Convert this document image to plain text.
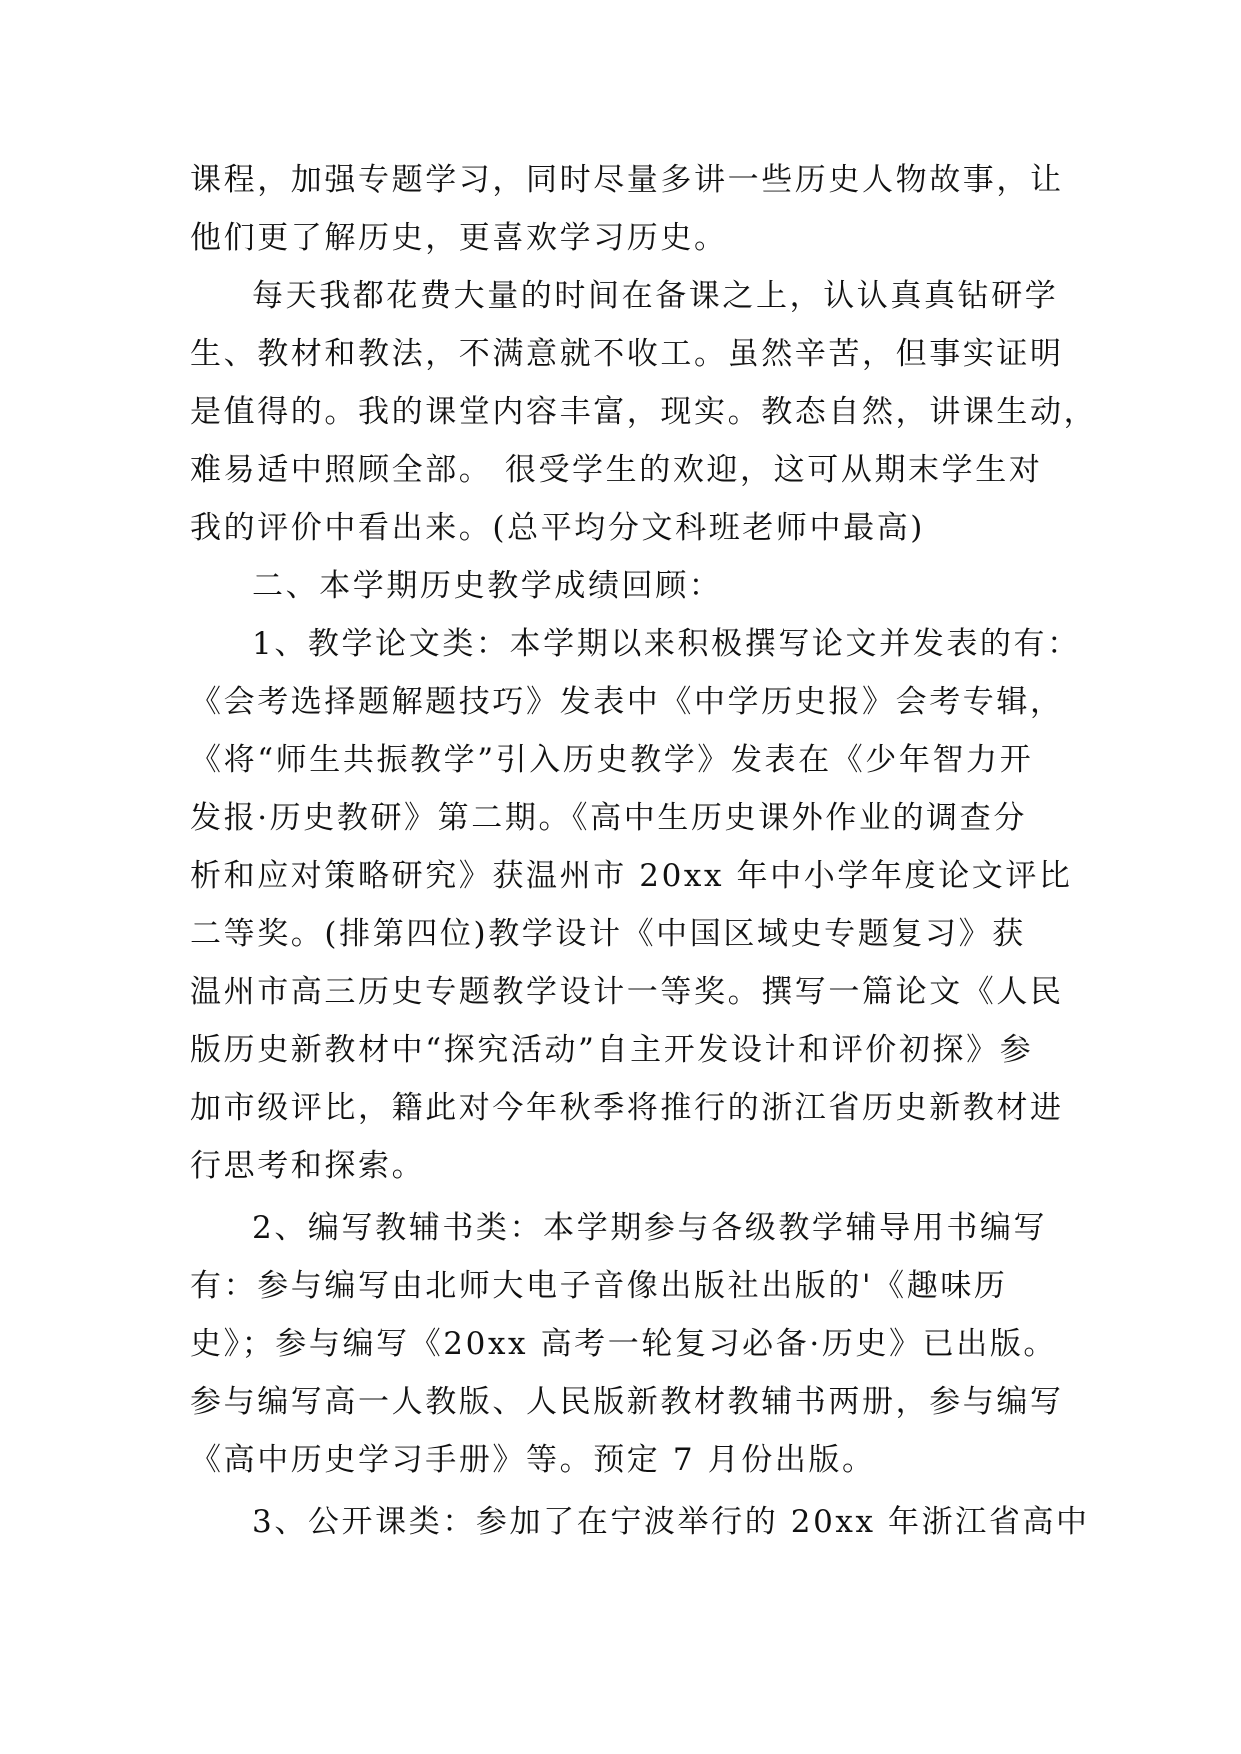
课程，加强专题学习，同时尽量多讲一些历史人物故事，让
他们更了解历史，更喜欢学习历史。
每天我都花费大量的时间在备课之上，认认真真钻研学
生、教材和教法，不满意就不收工。虽然辛苦，但事实证明
是值得的。我的课堂内容丰富，现实。教态自然，讲课生动，
难易适中照顾全部。 很受学生的欢迎，这可从期末学生对
我的评价中看出来。(总平均分文科班老师中最高)
二、本学期历史教学成绩回顾：
1、教学论文类：本学期以来积极撰写论文并发表的有：
《会考选择题解题技巧》发表中《中学历史报》会考专辑，
《将“师生共振教学”引入历史教学》发表在《少年智力开
发报·历史教研》第二期。《高中生历史课外作业的调查分
析和应对策略研究》获温州市 20xx 年中小学年度论文评比
二等奖。(排第四位)教学设计《中国区域史专题复习》获
温州市高三历史专题教学设计一等奖。撰写一篇论文《人民
版历史新教材中“探究活动”自主开发设计和评价初探》参
加市级评比，籍此对今年秋季将推行的浙江省历史新教材进
行思考和探索。
2、编写教辅书类：本学期参与各级教学辅导用书编写
有：参与编写由北师大电子音像出版社出版的'《趣味历
史》；参与编写《20xx 高考一轮复习必备·历史》已出版。
参与编写高一人教版、人民版新教材教辅书两册，参与编写
《高中历史学习手册》等。预定 7 月份出版。
3、公开课类：参加了在宁波举行的 20xx 年浙江省高中
